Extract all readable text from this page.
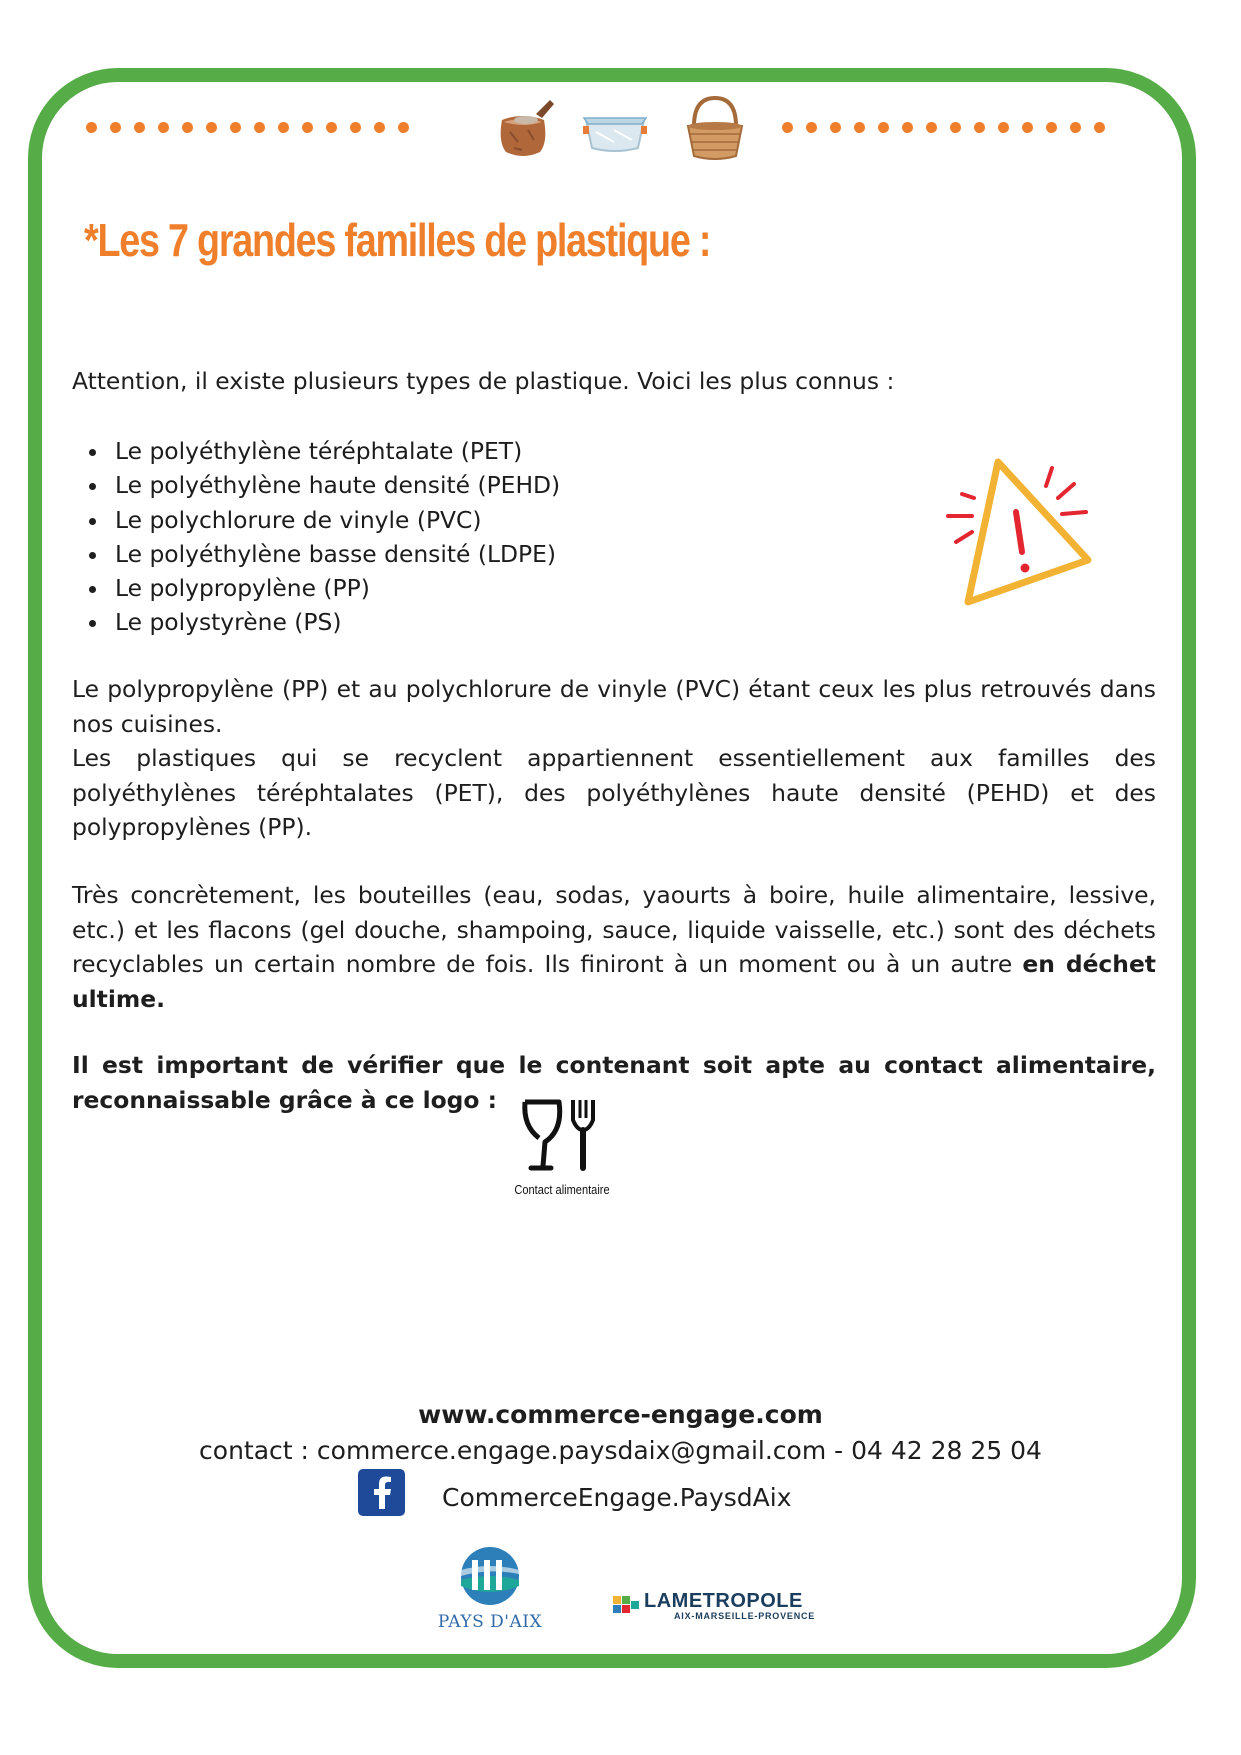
*Les 7 grandes familles de plastique :

Attention, il existe plusieurs types de plastique. Voici les plus connus :

Le polyéthylène téréphtalate (PET)
Le polyéthylène haute densité (PEHD)
Le polychlorure de vinyle (PVC)
Le polyéthylène basse densité (LDPE)
Le polypropylène (PP)
Le polystyrène (PS)

Le polypropylène (PP) et au polychlorure de vinyle (PVC) étant ceux les plus retrouvés dans nos cuisines.

Les plastiques qui se recyclent appartiennent essentiellement aux familles des polyéthylènes téréphtalates (PET), des polyéthylènes haute densité (PEHD) et des polypropylènes (PP).

Très concrètement, les bouteilles (eau, sodas, yaourts à boire, huile alimentaire, lessive, etc.) et les flacons (gel douche, shampoing, sauce, liquide vaisselle, etc.) sont des déchets recyclables un certain nombre de fois. Ils finiront à un moment ou à un autre en déchet ultime.

Il est important de vérifier que le contenant soit apte au contact alimentaire, reconnaissable grâce à ce logo :

Contact alimentaire
www.commerce-engage.com
contact : commerce.engage.paysdaix@gmail.com - 04 42 28 25 04
CommerceEngage.PaysdAix
PAYS D'AIX
LAMETROPOLE
AIX-MARSEILLE-PROVENCE
